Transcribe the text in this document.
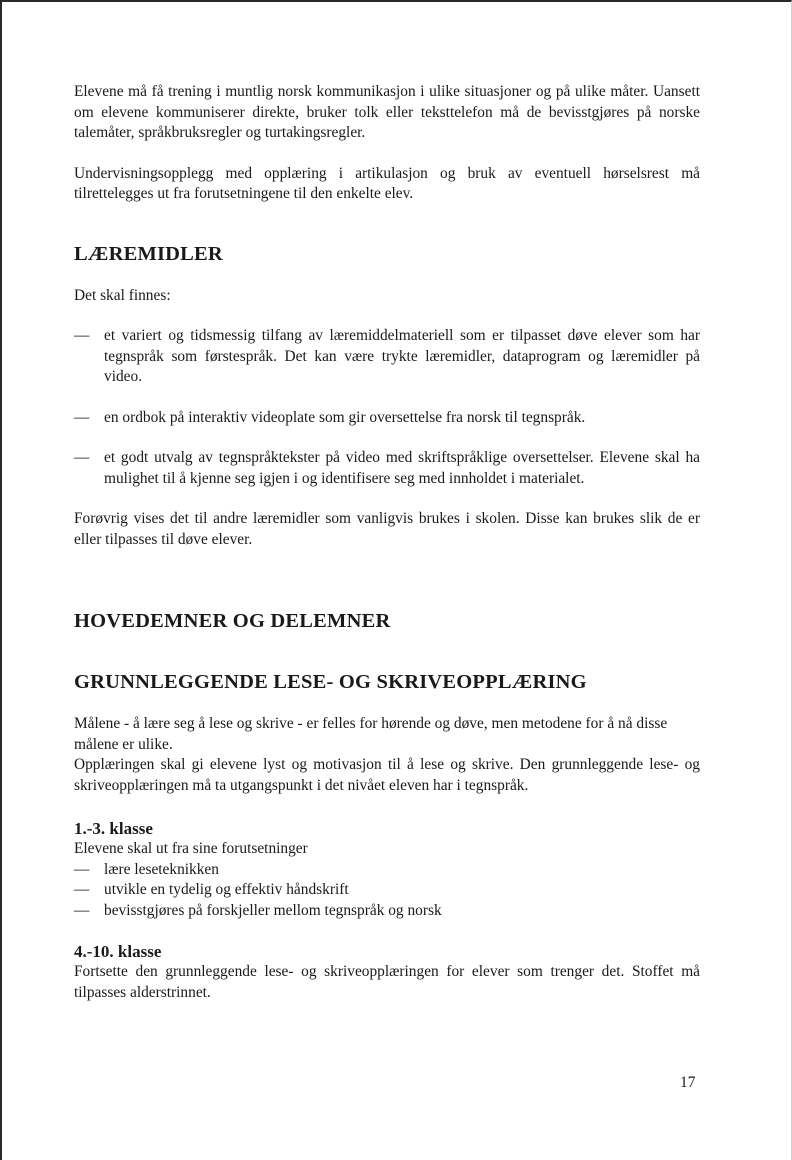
Elevene må få trening i muntlig norsk kommunikasjon i ulike situasjoner og på ulike måter. Uansett om elevene kommuniserer direkte, bruker tolk eller teksttelefon må de bevisstgjøres på norske talemåter, språkbruksregler og turtakingsregler.

Undervisningsopplegg med opplæring i artikulasjon og bruk av eventuell hørselsrest må tilrettelegges ut fra forutsetningene til den enkelte elev.

LÆREMIDLER

Det skal finnes:

— et variert og tidsmessig tilfang av læremiddelmateriell som er tilpasset døve elever som har tegnspråk som førstespråk. Det kan være trykte læremidler, dataprogram og læremidler på video.
— en ordbok på interaktiv videoplate som gir oversettelse fra norsk til tegnspråk.
— et godt utvalg av tegnspråktekster på video med skriftspråklige oversettelser. Elevene skal ha mulighet til å kjenne seg igjen i og identifisere seg med innholdet i materialet.

Forøvrig vises det til andre læremidler som vanligvis brukes i skolen. Disse kan brukes slik de er eller tilpasses til døve elever.

HOVEDEMNER OG DELEMNER
GRUNNLEGGENDE LESE- OG SKRIVEOPPLÆRING

Målene - å lære seg å lese og skrive - er felles for hørende og døve, men metodene for å nå disse målene er ulike.

Opplæringen skal gi elevene lyst og motivasjon til å lese og skrive. Den grunnleggende lese- og skriveopplæringen må ta utgangspunkt i det nivået eleven har i tegnspråk.

1.-3. klasse
Elevene skal ut fra sine forutsetninger
— lære leseteknikken
— utvikle en tydelig og effektiv håndskrift
— bevisstgjøres på forskjeller mellom tegnspråk og norsk
4.-10. klasse

Fortsette den grunnleggende lese- og skriveopplæringen for elever som trenger det. Stoffet må tilpasses alderstrinnet.

17
